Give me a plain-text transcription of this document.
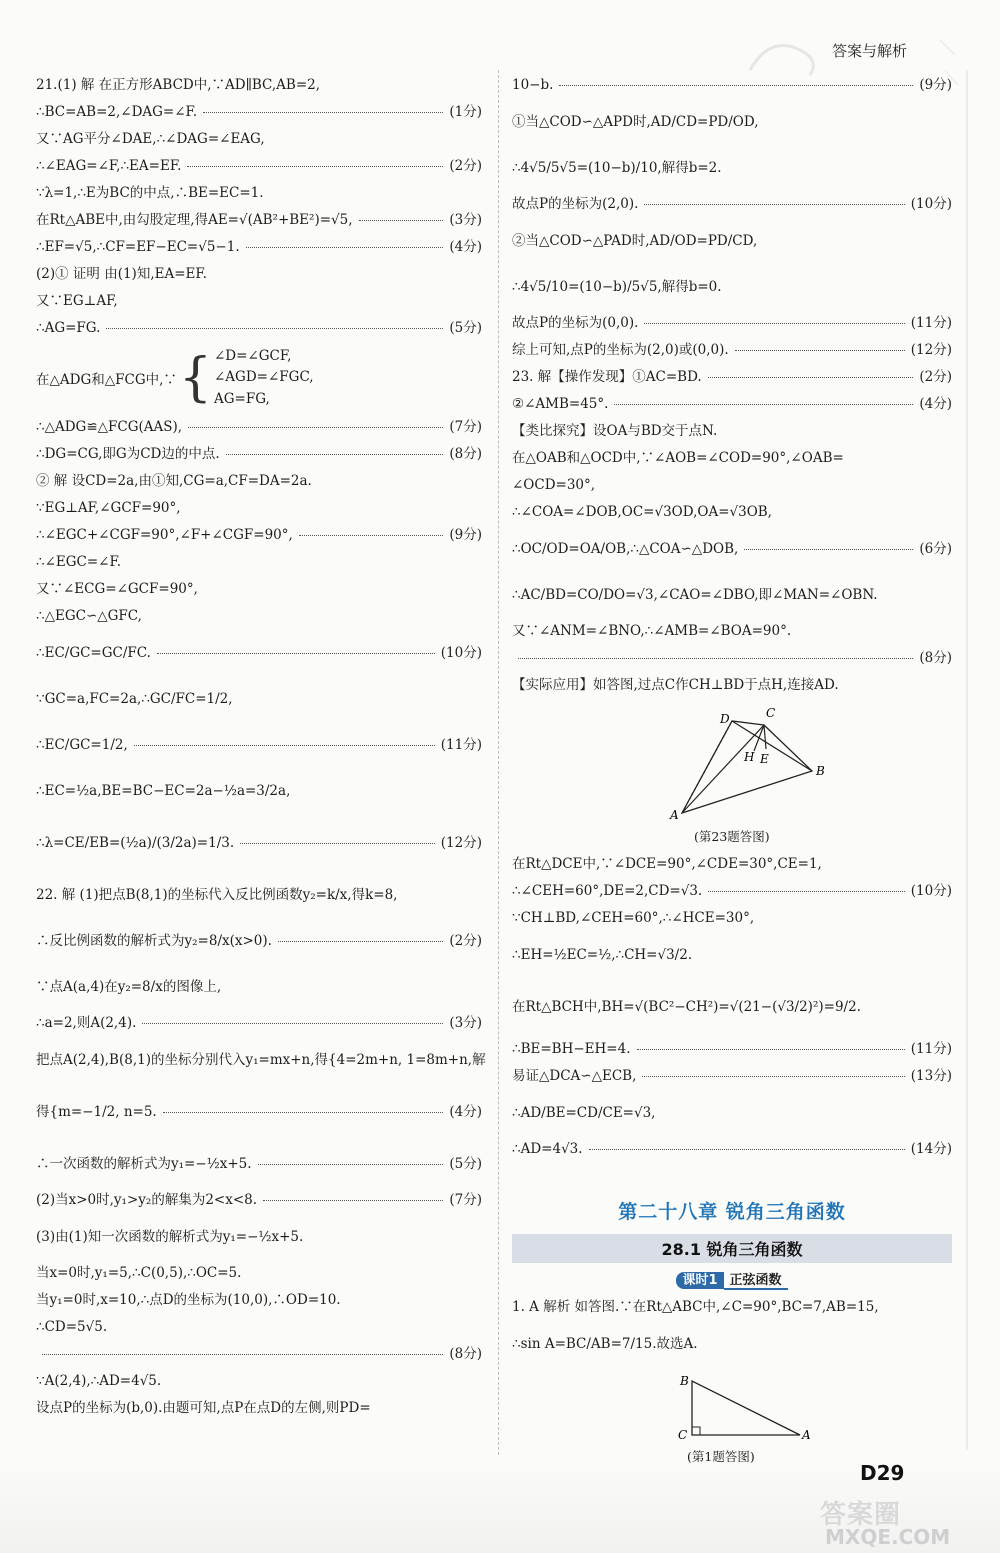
答案与解析
21.(1) 解 在正方形ABCD中,∵AD∥BC,AB=2,
∴BC=AB=2,∠DAG=∠F.	(1分)
又∵AG平分∠DAE,∴∠DAG=∠EAG,
∴∠EAG=∠F,∴EA=EF.	(2分)
∵λ=1,∴E为BC的中点,∴BE=EC=1.
在Rt△ABE中,由勾股定理,得AE=√(AB²+BE²)=√5,	(3分)
∴EF=√5,∴CF=EF−EC=√5−1.	(4分)
(2)① 证明 由(1)知,EA=EF.
又∵EG⊥AF,
∴AG=FG.	(5分)
在△ADG和△FCG中,∵ { ∠D=∠GCF,
∠AGD=∠FGC,
AG=FG,
∴△ADG≌△FCG(AAS),	(7分)
∴DG=CG,即G为CD边的中点.	(8分)
② 解 设CD=2a,由①知,CG=a,CF=DA=2a.
∵EG⊥AF,∠GCF=90°,
∴∠EGC+∠CGF=90°,∠F+∠CGF=90°,	(9分)
∴∠EGC=∠F.
又∵∠ECG=∠GCF=90°,
∴△EGC∽△GFC,
∴EC/GC=GC/FC.	(10分)
∵GC=a,FC=2a,∴GC/FC=1/2,
∴EC/GC=1/2,	(11分)
∴EC=½a,BE=BC−EC=2a−½a=3/2a,
∴λ=CE/EB=(½a)/(3/2a)=1/3.	(12分)
22. 解 (1)把点B(8,1)的坐标代入反比例函数y₂=k/x,得k=8,
∴反比例函数的解析式为y₂=8/x(x>0).	(2分)
∵点A(a,4)在y₂=8/x的图像上,
∴a=2,则A(2,4).	(3分)
把点A(2,4),B(8,1)的坐标分别代入y₁=mx+n,得{4=2m+n, 1=8m+n,解
得{m=−1/2, n=5.	(4分)
∴一次函数的解析式为y₁=−½x+5.	(5分)
(2)当x>0时,y₁>y₂的解集为2<x<8.	(7分)
(3)由(1)知一次函数的解析式为y₁=−½x+5.
当x=0时,y₁=5,∴C(0,5),∴OC=5.
当y₁=0时,x=10,∴点D的坐标为(10,0),∴OD=10.
∴CD=5√5.
(8分)
∵A(2,4),∴AD=4√5.
设点P的坐标为(b,0).由题可知,点P在点D的左侧,则PD=
10−b.	(9分)
①当△COD∽△APD时,AD/CD=PD/OD,
∴4√5/5√5=(10−b)/10,解得b=2.
故点P的坐标为(2,0).	(10分)
②当△COD∽△PAD时,AD/OD=PD/CD,
∴4√5/10=(10−b)/5√5,解得b=0.
故点P的坐标为(0,0).	(11分)
综上可知,点P的坐标为(2,0)或(0,0).	(12分)
23. 解【操作发现】①AC=BD.	(2分)
②∠AMB=45°.	(4分)
【类比探究】设OA与BD交于点N.
在△OAB和△OCD中,∵∠AOB=∠COD=90°,∠OAB=
∠OCD=30°,
∴∠COA=∠DOB,OC=√3OD,OA=√3OB,
∴OC/OD=OA/OB,∴△COA∽△DOB,	(6分)
∴AC/BD=CO/DO=√3,∠CAO=∠DBO,即∠MAN=∠OBN.
又∵∠ANM=∠BNO,∴∠AMB=∠BOA=90°.
(8分)
【实际应用】如答图,过点C作CH⊥BD于点H,连接AD.
C
D
H E
B
A
(第23题答图)
在Rt△DCE中,∵∠DCE=90°,∠CDE=30°,CE=1,
∴∠CEH=60°,DE=2,CD=√3.	(10分)
∵CH⊥BD,∠CEH=60°,∴∠HCE=30°,
∴EH=½EC=½,∴CH=√3/2.
在Rt△BCH中,BH=√(BC²−CH²)=√(21−(√3/2)²)=9/2.
∴BE=BH−EH=4.	(11分)
易证△DCA∽△ECB,	(13分)
∴AD/BE=CD/CE=√3,
∴AD=4√3.	(14分)
第二十八章 锐角三角函数
28.1 锐角三角函数
课时1 正弦函数
1. A 解析 如答图.∵在Rt△ABC中,∠C=90°,BC=7,AB=15,
∴sin A=BC/AB=7/15.故选A.
B
C	A
(第1题答图)
D29
答案圈
MXQE.COM
